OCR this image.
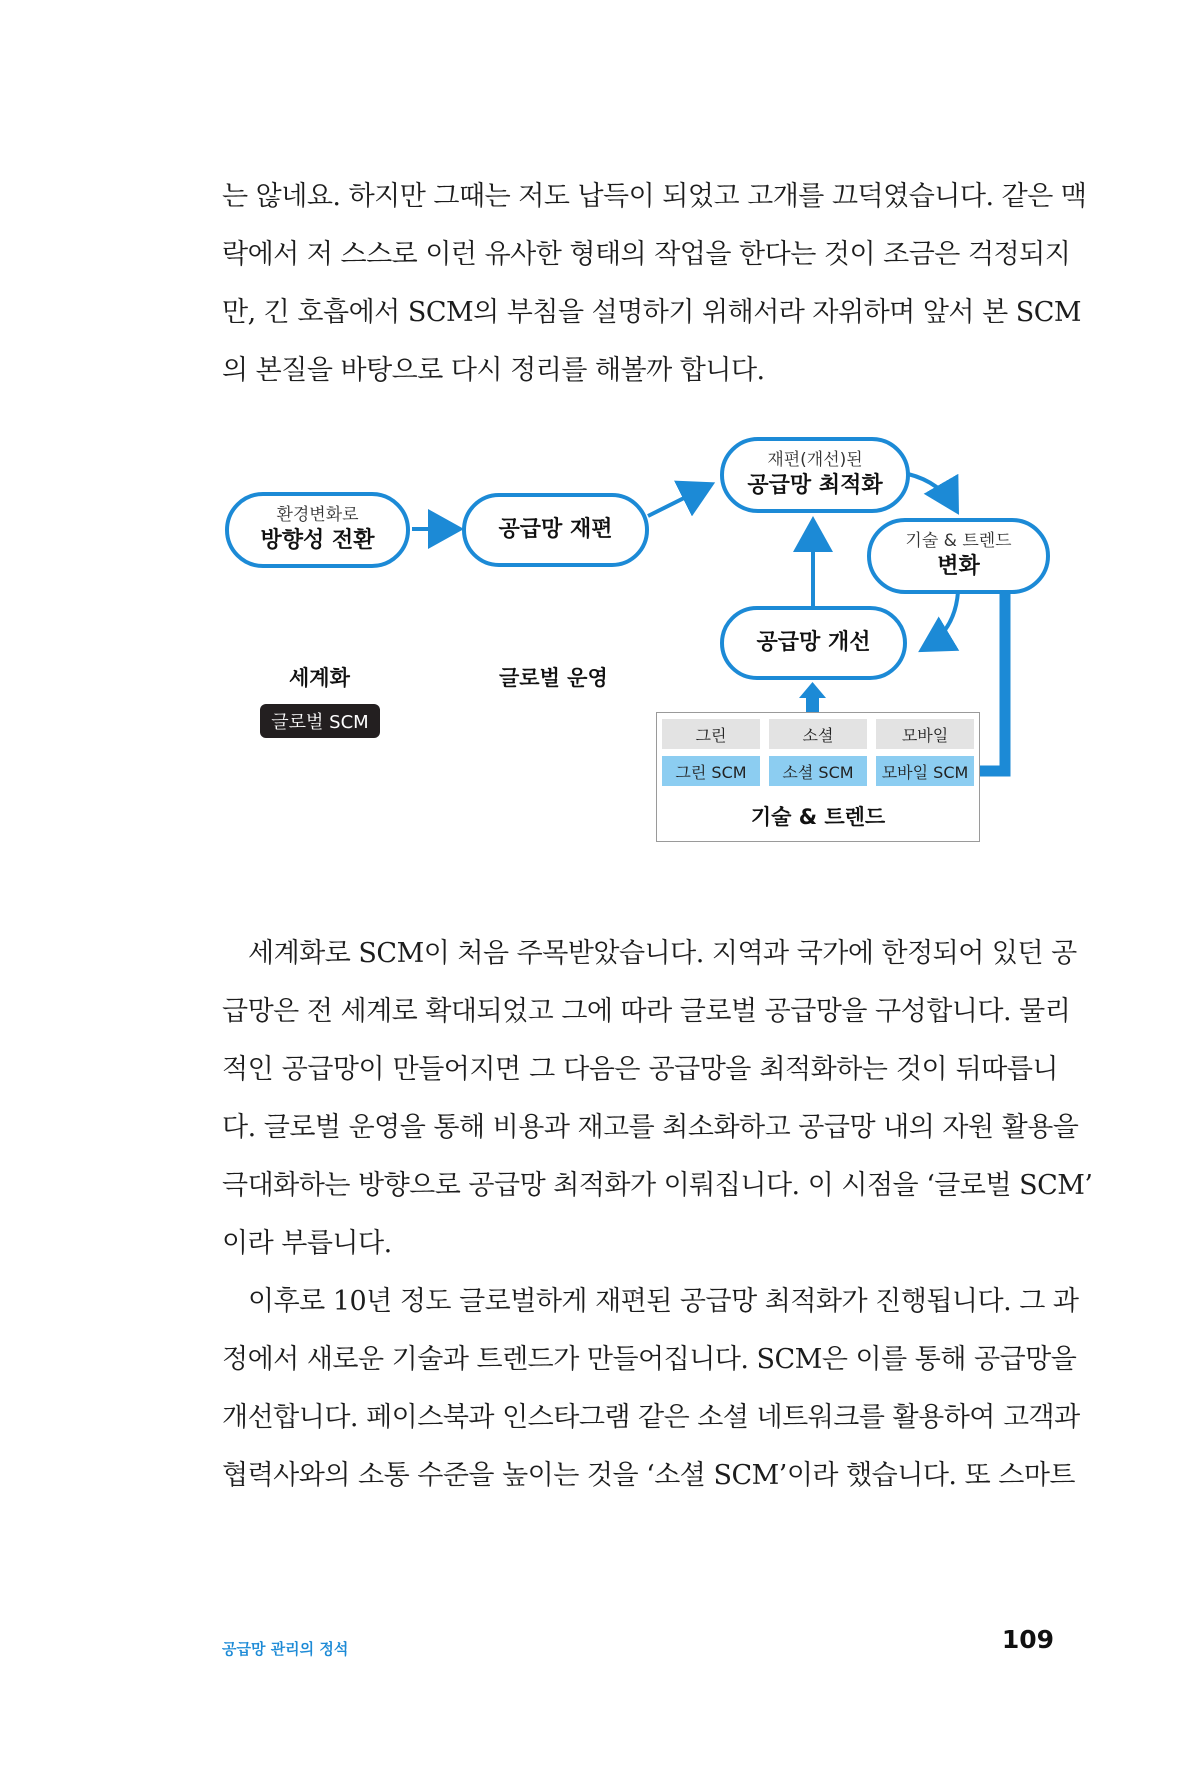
는 않네요. 하지만 그때는 저도 납득이 되었고 고개를 끄덕였습니다. 같은 맥
락에서 저 스스로 이런 유사한 형태의 작업을 한다는 것이 조금은 걱정되지
만, 긴 호흡에서 SCM의 부침을 설명하기 위해서라 자위하며 앞서 본 SCM
의 본질을 바탕으로 다시 정리를 해볼까 합니다.
환경변화로
방향성 전환	공급망 재편
재편(개선)된
공급망 최적화
기술 & 트렌드
변화
공급망 개선
세계화
글로벌 SCM
글로벌 운영
그린	소셜	모바일
그린 SCM	소셜 SCM	모바일 SCM
기술 & 트렌드
세계화로 SCM이 처음 주목받았습니다. 지역과 국가에 한정되어 있던 공
급망은 전 세계로 확대되었고 그에 따라 글로벌 공급망을 구성합니다. 물리
적인 공급망이 만들어지면 그 다음은 공급망을 최적화하는 것이 뒤따릅니
다. 글로벌 운영을 통해 비용과 재고를 최소화하고 공급망 내의 자원 활용을
극대화하는 방향으로 공급망 최적화가 이뤄집니다. 이 시점을 ‘글로벌 SCM’
이라 부릅니다.
이후로 10년 정도 글로벌하게 재편된 공급망 최적화가 진행됩니다. 그 과
정에서 새로운 기술과 트렌드가 만들어집니다. SCM은 이를 통해 공급망을
개선합니다. 페이스북과 인스타그램 같은 소셜 네트워크를 활용하여 고객과
협력사와의 소통 수준을 높이는 것을 ‘소셜 SCM’이라 했습니다. 또 스마트
공급망 관리의 정석	109
